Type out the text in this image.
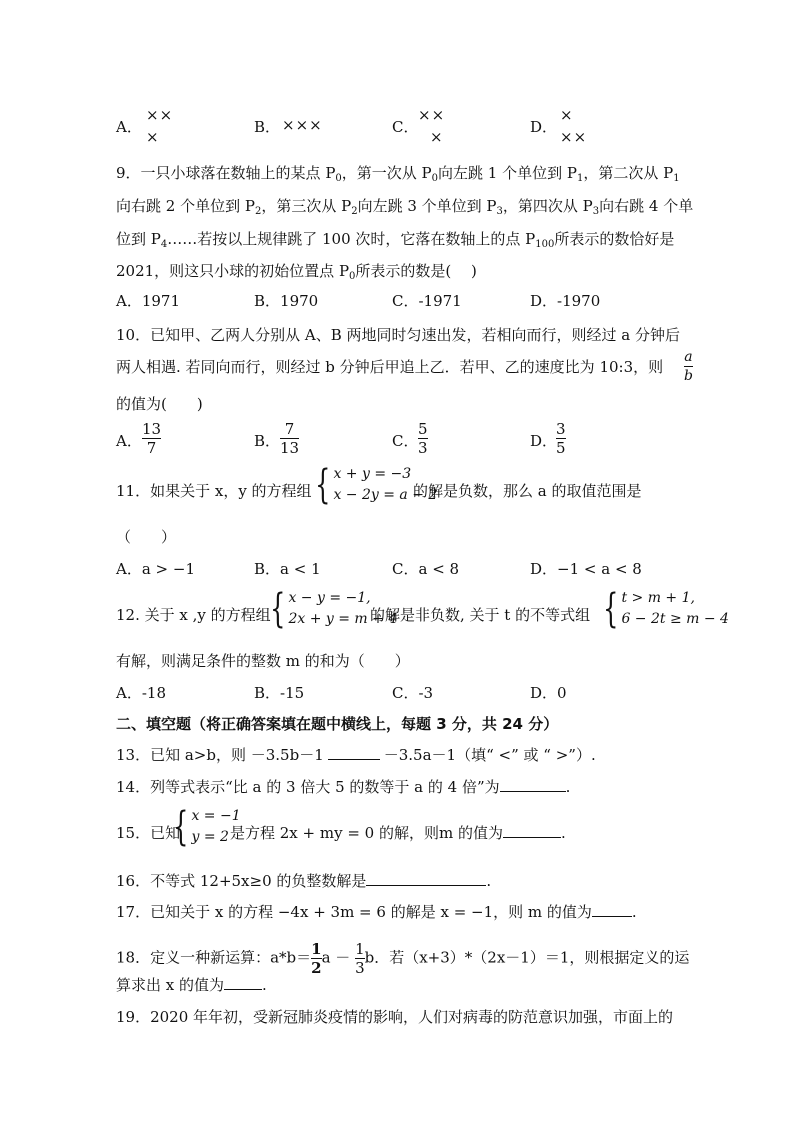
A．
××
×
B． ×××	C．
××
×
D．
×
××
9．一只小球落在数轴上的某点 $P_0$，第一次从 $P_0$向左跳 1 个单位到 $P_1$，第二次从 $P_1$
向右跳 2 个单位到 $P_2$，第三次从 $P_2$向左跳 3 个单位到 $P_3$，第四次从 $P_3$向右跳 4 个单
位到 $P_4\dots\dots$若按以上规律跳了 100 次时，它落在数轴上的点 $P_{100}$所表示的数恰好是
2021，则这只小球的初始位置点 $P_0$所表示的数是(　 )
A．1971	B．1970	C．-1971	D．-1970
10．已知甲、乙两人分别从 A、B 两地同时匀速出发，若相向而行，则经过 a 分钟后
两人相遇. 若同向而行，则经过 b 分钟后甲追上乙．若甲、乙的速度比为 10:3，则 $\frac{a}{b}$
的值为(　　)
A． $\frac{13}{7}$	B． $\frac{7}{13}$	C． $\frac{5}{3}$	D．
$\frac{3}{5}$
11．如果关于 x，y 的方程组 { x + y = −3
x − 2y = a − 2
的解是负数，那么 a 的取值范围是
（　　）
A．a > −1	B．a < 1	C．a < 8	D．−1 < a < 8
12. 关于 x ,y 的方程组 { x − y = −1,
2x + y = m + 4
的解是非负数, 关于 t 的不等式组 { t > m + 1,
6 − 2t ≥ m − 4
有解，则满足条件的整数 m 的和为（　　）
A．-18	B．-15	C．-3	D．0
二、填空题（将正确答案填在题中横线上，每题 3 分，共 24 分）
13．已知 a>b，则 －3.5b－1	－3.5a－1（填“ <” 或 “ >”）.
14．列等式表示“比 a 的 3 倍大 5 的数等于 a 的 4 倍”为	.
15．已知
{ x = −1
y = 2 是方程 2x + my = 0 的解，则m 的值为	.
16．不等式 12+5x≥0 的负整数解是	.
17．已知关于 x 的方程 −4x + 3m = 6 的解是 x = −1，则 m 的值为	.
18．定义一种新运算：$a*b= \frac{1}{2}$ $a - \frac{1}{3}$ b．若（x+3）*（2x－1）＝1，则根据定义的运
算求出 x 的值为	.
19．2020 年年初，受新冠肺炎疫情的影响，人们对病毒的防范意识加强，市面上的
